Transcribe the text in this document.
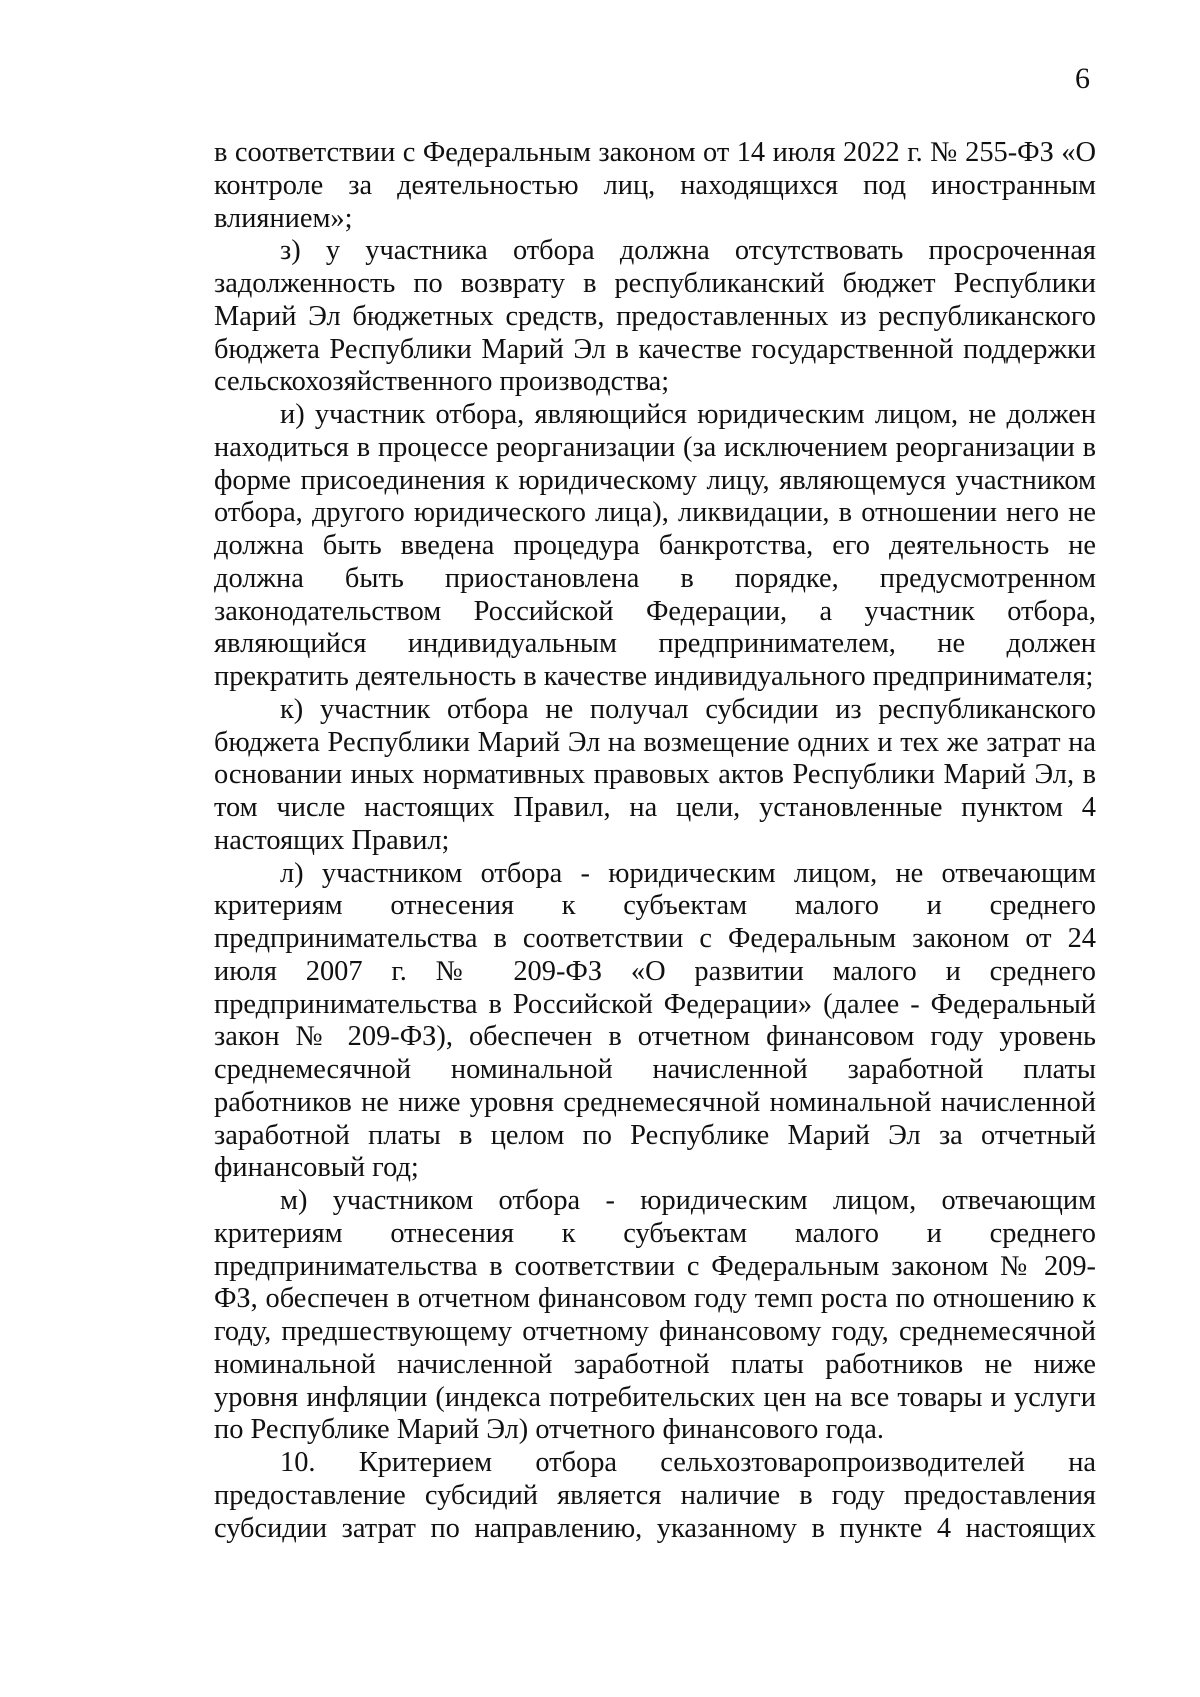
6

в соответствии с Федеральным законом от 14 июля 2022 г. № 255-ФЗ «О контроле за деятельностью лиц, находящихся под иностранным влиянием»;

з) у участника отбора должна отсутствовать просроченная задолженность по возврату в республиканский бюджет Республики Марий Эл бюджетных средств, предоставленных из республиканского бюджета Республики Марий Эл в качестве государственной поддержки сельскохозяйственного производства;

и) участник отбора, являющийся юридическим лицом, не должен находиться в процессе реорганизации (за исключением реорганизации в форме присоединения к юридическому лицу, являющемуся участником отбора, другого юридического лица), ликвидации, в отношении него не должна быть введена процедура банкротства, его деятельность не должна быть приостановлена в порядке, предусмотренном законодательством Российской Федерации, а участник отбора, являющийся индивидуальным предпринимателем, не должен прекратить деятельность в качестве индивидуального предпринимателя;

к) участник отбора не получал субсидии из республиканского бюджета Республики Марий Эл на возмещение одних и тех же затрат на основании иных нормативных правовых актов Республики Марий Эл, в том числе настоящих Правил, на цели, установленные пунктом 4 настоящих Правил;

л) участником отбора - юридическим лицом, не отвечающим критериям отнесения к субъектам малого и среднего предпринимательства в соответствии с Федеральным законом от 24 июля 2007 г. № 209-ФЗ «О развитии малого и среднего предпринимательства в Российской Федерации» (далее - Федеральный закон № 209-ФЗ), обеспечен в отчетном финансовом году уровень среднемесячной номинальной начисленной заработной платы работников не ниже уровня среднемесячной номинальной начисленной заработной платы в целом по Республике Марий Эл за отчетный финансовый год;

м) участником отбора - юридическим лицом, отвечающим критериям отнесения к субъектам малого и среднего предпринимательства в соответствии с Федеральным законом № 209-ФЗ, обеспечен в отчетном финансовом году темп роста по отношению к году, предшествующему отчетному финансовому году, среднемесячной номинальной начисленной заработной платы работников не ниже уровня инфляции (индекса потребительских цен на все товары и услуги по Республике Марий Эл) отчетного финансового года.

10. Критерием отбора сельхозтоваропроизводителей на предоставление субсидий является наличие в году предоставления субсидии затрат по направлению, указанному в пункте 4 настоящих
